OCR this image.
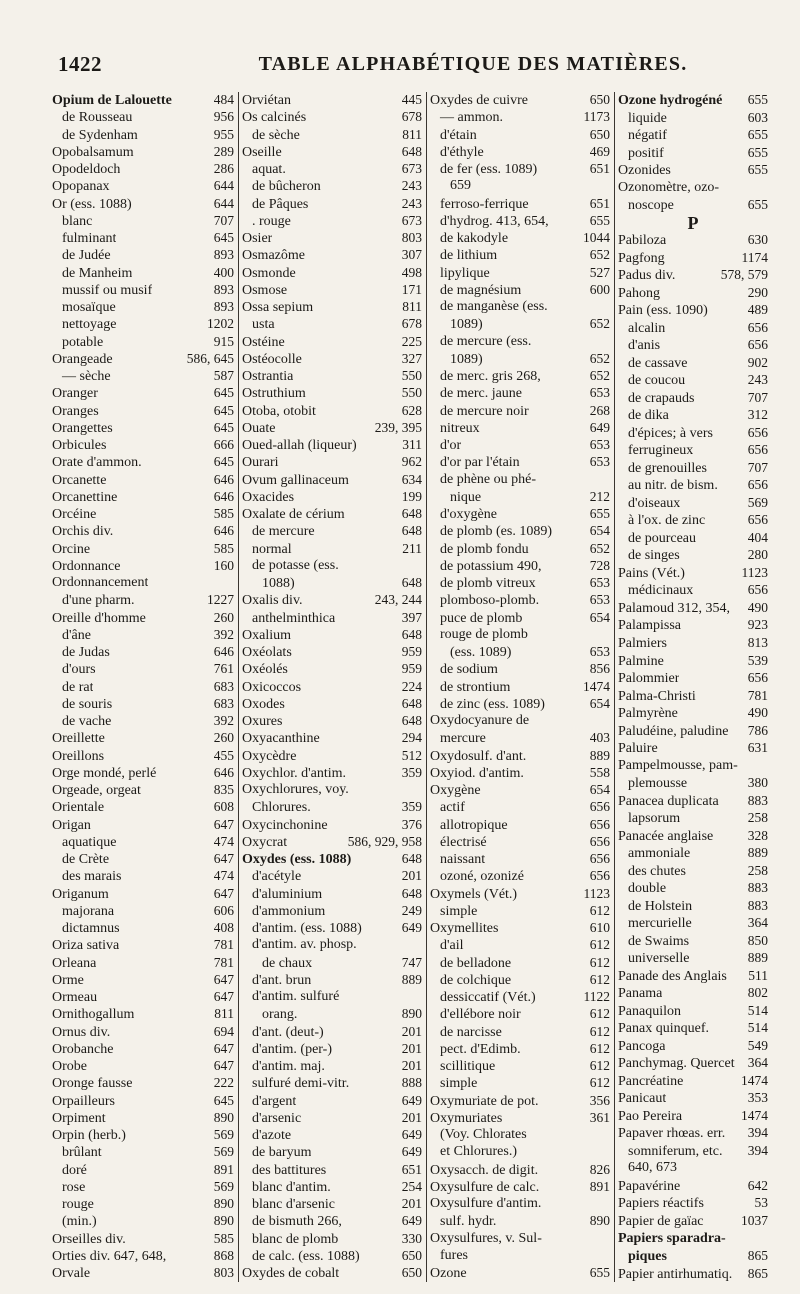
1422	TABLE ALPHABÉTIQUE DES MATIÈRES.
Opium de Lalouette	484
de Rousseau	956
de Sydenham	955
Opobalsamum	289
Opodeldoch	286
Opopanax	644
Or (ess. 1088)	644
blanc	707
fulminant	645
de Judée	893
de Manheim	400
mussif ou musif	893
mosaïque	893
nettoyage	1202
potable	915
Orangeade	586, 645
— sèche	587
Oranger	645
Oranges	645
Orangettes	645
Orbicules	666
Orate d'ammon.	645
Orcanette	646
Orcanettine	646
Orcéine	585
Orchis div.	646
Orcine	585
Ordonnance	160
Ordonnancement
d'une pharm.	1227
Oreille d'homme	260
d'âne	392
de Judas	646
d'ours	761
de rat	683
de souris	683
de vache	392
Oreillette	260
Oreillons	455
Orge mondé, perlé	646
Orgeade, orgeat	835
Orientale	608
Origan	647
aquatique	474
de Crète	647
des marais	474
Origanum	647
majorana	606
dictamnus	408
Oriza sativa	781
Orleana	781
Orme	647
Ormeau	647
Ornithogallum	811
Ornus div.	694
Orobanche	647
Orobe	647
Oronge fausse	222
Orpailleurs	645
Orpiment	890
Orpin (herb.)	569
brûlant	569
doré	891
rose	569
rouge	890
(min.)	890
Orseilles div.	585
Orties div. 647, 648,	868
Orvale	803
Orviétan	445
Os calcinés	678
de sèche	811
Oseille	648
aquat.	673
de bûcheron	243
de Pâques	243
. rouge	673
Osier	803
Osmazôme	307
Osmonde	498
Osmose	171
Ossa sepium	811
usta	678
Ostéine	225
Ostéocolle	327
Ostrantia	550
Ostruthium	550
Otoba, otobit	628
Ouate	239, 395
Oued-allah (liqueur)	311
Ourari	962
Ovum gallinaceum	634
Oxacides	199
Oxalate de cérium	648
de mercure	648
normal	211
de potasse (ess.
1088)	648
Oxalis div.	243, 244
anthelminthica	397
Oxalium	648
Oxéolats	959
Oxéolés	959
Oxicoccos	224
Oxodes	648
Oxures	648
Oxyacanthine	294
Oxycèdre	512
Oxychlor. d'antim.	359
Oxychlorures, voy.
Chlorures.	359
Oxycinchonine	376
Oxycrat	586, 929, 958
Oxydes (ess. 1088)	648
d'acétyle	201
d'aluminium	648
d'ammonium	249
d'antim. (ess. 1088)	649
d'antim. av. phosp.
de chaux	747
d'ant. brun	889
d'antim. sulfuré
orang.	890
d'ant. (deut-)	201
d'antim. (per-)	201
d'antim. maj.	201
sulfuré demi-vitr.	888
d'argent	649
d'arsenic	201
d'azote	649
de baryum	649
des battitures	651
blanc d'antim.	254
blanc d'arsenic	201
de bismuth 266,	649
blanc de plomb	330
de calc. (ess. 1088)	650
Oxydes de cobalt	650
Oxydes de cuivre	650
— ammon.	1173
d'étain	650
d'éthyle	469
de fer (ess. 1089)	651
659
ferroso-ferrique	651
d'hydrog. 413, 654,	655
de kakodyle	1044
de lithium	652
lipylique	527
de magnésium	600
de manganèse (ess.
1089)	652
de mercure (ess.
1089)	652
de merc. gris 268,	652
de merc. jaune	653
de mercure noir	268
nitreux	649
d'or	653
d'or par l'étain	653
de phène ou phé-
nique	212
d'oxygène	655
de plomb (es. 1089)	654
de plomb fondu	652
de potassium 490,	728
de plomb vitreux	653
plomboso-plomb.	653
puce de plomb	654
rouge de plomb
(ess. 1089)	653
de sodium	856
de strontium	1474
de zinc (ess. 1089)	654
Oxydocyanure de
mercure	403
Oxydosulf. d'ant.	889
Oxyiod. d'antim.	558
Oxygène	654
actif	656
allotropique	656
électrisé	656
naissant	656
ozoné, ozonizé	656
Oxymels (Vét.)	1123
simple	612
Oxymellites	610
d'ail	612
de belladone	612
de colchique	612
dessiccatif (Vét.)	1122
d'ellébore noir	612
de narcisse	612
pect. d'Edimb.	612
scillitique	612
simple	612
Oxymuriate de pot.	356
Oxymuriates	361
(Voy. Chlorates
et Chlorures.)
Oxysacch. de digit.	826
Oxysulfure de calc.	891
Oxysulfure d'antim.
sulf. hydr.	890
Oxysulfures, v. Sul-
fures
Ozone	655
Ozone hydrogéné 655
liquide	603
négatif	655
positif	655
Ozonides	655
Ozonomètre, ozo-
noscope	655
P
Pabiloza	630
Pagfong	1174
Padus div.	578, 579
Pahong	290
Pain (ess. 1090)	489
alcalin	656
d'anis	656
de cassave	902
de coucou	243
de crapauds	707
de dika	312
d'épices; à vers	656
ferrugineux	656
de grenouilles	707
au nitr. de bism. 656
d'oiseaux	569
à l'ox. de zinc	656
de pourceau	404
de singes	280
Pains (Vét.)	1123
médicinaux	656
Palamoud 312, 354, 490
Palampissa	923
Palmiers	813
Palmine	539
Palommier	656
Palma-Christi	781
Palmyrène	490
Paludéine, paludine 786
Paluire	631
Pampelmousse, pam-
plemousse	380
Panacea duplicata 883
lapsorum	258
Panacée anglaise	328
ammoniale	889
des chutes	258
double	883
de Holstein	883
mercurielle	364
de Swaims	850
universelle	889
Panade des Anglais 511
Panama	802
Panaquilon	514
Panax quinquef.	514
Pancoga	549
Panchymag. Quercet 364
Pancréatine	1474
Panicaut	353
Pao Pereira	1474
Papaver rhœas. err. 394
somniferum, etc. 394
640, 673
Papavérine	642
Papiers réactifs	53
Papier de gaïac	1037
Papiers sparadra-
piques	865
Papier antirhumatiq. 865
